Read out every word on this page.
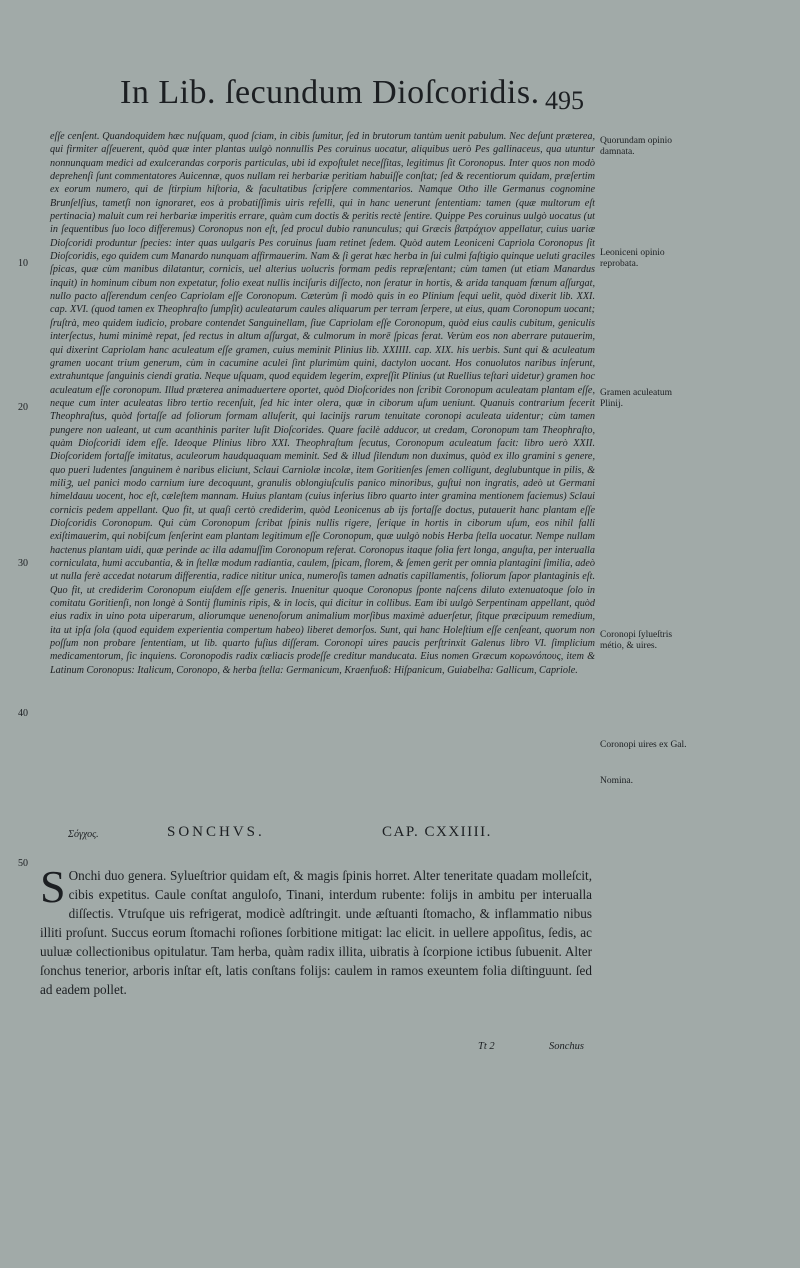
In Lib. ſecundum Dioſcoridis. 495

eſſe cenſent. Quandoquidem hæc nuſquam, quod ſciam, in cibis ſumitur, ſed in brutorum tantùm uenit pabulum. Nec deſunt præterea, qui firmiter aſſeuerent, quòd quæ inter plantas uulgò nonnullis Pes coruinus uocatur, aliquibus uerò Pes gallinaceus, qua utuntur nonnunquam medici ad exulcerandas corporis particulas, ubi id expoſtulet neceſſitas, legitimus ſit Coronopus. Inter quos non modò deprehenſi ſunt commentatores Auicennæ, quos nullam rei herbariæ peritiam habuiſſe conſtat; ſed & recentiorum quidam, præſertim ex eorum numero, qui de ſtirpium hiſtoria, & facultatibus ſcripſere commentarios. Namque Otho ille Germanus cognomine Brunſelſius, tametſi non ignoraret, eos à probatiſſimis uiris refelli, qui in hanc uenerunt ſententiam: tamen (quæ multorum eſt pertinacia) maluit cum rei herbariæ imperitis errare, quàm cum doctis & peritis rectè ſentire. Quippe Pes coruinus uulgò uocatus (ut in ſequentibus ſuo loco differemus) Coronopus non eſt, ſed procul dubio ranunculus; qui Græcis βατράχιον appellatur, cuius uariæ Dioſcoridi produntur ſpecies: inter quas uulgaris Pes coruinus ſuam retinet ſedem. Quòd autem Leoniceni Capriola Coronopus ſit Dioſcoridis, ego quidem cum Manardo nunquam affirmauerim. Nam & ſi gerat hæc herba in ſui culmi faſtigio quinque ueluti graciles ſpicas, quæ cùm manibus dilatantur, cornicis, uel alterius uolucris formam pedis repræſentant; cùm tamen (ut etiam Manardus inquit) in hominum cibum non expetatur, folio exeat nullis inciſuris diſſecto, non ſeratur in hortis, & arida tanquam fœnum aſſurgat, nullo pacto aſſerendum cenſeo Capriolam eſſe Coronopum. Cæterùm ſi modò quis in eo Plinium ſequi uelit, quòd dixerit lib. XXI. cap. XVI. (quod tamen ex Theophraſto ſumpſit) aculeatarum caules aliquarum per terram ſerpere, ut eius, quam Coronopum uocant; ſruſtrà, meo quidem iudicio, probare contendet Sanguinellam, ſiue Capriolam eſſe Coronopum, quòd eius caulis cubitum, geniculis interſectus, humi minimè repat, ſed rectus in altum aſſurgat, & culmorum in morē ſpicas ferat. Verùm eos non aberrare putauerim, qui dixerint Capriolam hanc aculeatum eſſe gramen, cuius meminit Plinius lib. XXIIII. cap. XIX. his uerbis. Sunt qui & aculeatum gramen uocant trium generum, cùm in cacumine aculei ſint plurimùm quini, dactylon uocant. Hos conuolutos naribus inſerunt, extrahuntque ſanguinis ciendi gratia. Neque uſquam, quod equidem legerim, expreſſit Plinius (ut Ruellius teſtari uidetur) gramen hoc aculeatum eſſe coronopum. Illud præterea animaduertere oportet, quòd Dioſcorides non ſcribit Coronopum aculeatam plantam eſſe, neque cum inter aculeatas libro tertio recenſuit, ſed hic inter olera, quæ in ciborum uſum ueniunt. Quanuis contrarium fecerit Theophraſtus, quòd fortaſſe ad foliorum formam alluſerit, qui lacinijs rarum tenuitate coronopi aculeata uidentur; cùm tamen pungere non ualeant, ut cum acanthinis pariter luſit Dioſcorides. Quare facilè adducor, ut credam, Coronopum tam Theophraſto, quàm Dioſcoridi idem eſſe. Ideoque Plinius libro XXI. Theophraſtum ſecutus, Coronopum aculeatum facit: libro uerò XXII. Dioſcoridem fortaſſe imitatus, aculeorum haudquaquam meminit. Sed & illud ſilendum non duximus, quòd ex illo gramini s genere, quo pueri ludentes ſanguinem è naribus eliciunt, Sclaui Carniolæ incolæ, item Goritienſes ſemen colligunt, deglubuntque in pilis, & miliꝫ, uel panici modo carnium iure decoquunt, granulis oblongiuſculis panico minoribus, guſtui non ingratis, adeò ut Germani himeldauu uocent, hoc eſt, cæleſtem mannam. Huius plantam (cuius inferius libro quarto inter gramina mentionem faciemus) Sclaui cornicis pedem appellant. Quo fit, ut quaſi certò crediderim, quòd Leonicenus ab ijs fortaſſe doctus, putauerit hanc plantam eſſe Dioſcoridis Coronopum. Qui cùm Coronopum ſcribat ſpinis nullis rigere, ſerique in hortis in ciborum uſum, eos nihil falli exiſtimauerim, qui nobiſcum ſenſerint eam plantam legitimum eſſe Coronopum, quæ uulgò nobis Herba ſtella uocatur. Nempe nullam hactenus plantam uidi, quæ perinde ac illa adamuſſim Coronopum referat. Coronopus itaque folia fert longa, anguſta, per interualla corniculata, humi accubantia, & in ſtellæ modum radiantia, caulem, ſpicam, florem, & ſemen gerit per omnia plantagini ſimilia, adeò ut nulla ferè accedat notarum differentia, radice nititur unica, numeroſis tamen adnatis capillamentis, foliorum ſapor plantaginis eſt. Quo fit, ut crediderim Coronopum eiuſdem eſſe generis. Inuenitur quoque Coronopus ſponte naſcens diluto extenuatoque ſolo in comitatu Goritienſi, non longè à Sontij fluminis ripis, & in locis, qui dicitur in collibus. Eam ibi uulgò Serpentinam appellant, quòd eius radix in uino pota uiperarum, aliorumque uenenoſorum animalium morſibus maximè aduerſetur, ſitque præcipuum remedium, ita ut ipſa ſola (quod equidem experientia compertum habeo) liberet demorſos. Sunt, qui hanc Holeſtium eſſe cenſeant, quorum non poſſum non probare ſententiam, ut lib. quarto fuſius diſſeram. Coronopi uires paucis perſtrinxit Galenus libro VI. ſimplicium medicamentorum, ſic inquiens. Coronopodis radix cœliacis prodeſſe creditur manducata. Eius nomen Græcum κορωνόπους, item & Latinum Coronopus: Italicum, Coronopo, & herba ſtella: Germanicum, Kraenfuoß: Hiſpanicum, Guiabelha: Gallicum, Capriole.

10
20
30
40
50
Quorundam opinio damnata.
Leoniceni opinio reprobata.
Gramen aculeatum Plinij.
Coronopi ſylueſtris métio, & uires.
Coronopi uires ex Gal.
Nomina.
Σόγχος.	SONCHVS.	CAP. CXXIIII.

S Onchi duo genera. Sylueſtrior quidam eſt, & magis ſpinis horret. Alter teneritate quadam molleſcit, cibis expetitus. Caule conſtat anguloſo, Tinani, interdum rubente: folijs in ambitu per interualla diſſectis. Vtruſque uis refrigerat, modicè adſtringit. unde æſtuanti ſtomacho, & inflammatio nibus illiti proſunt. Succus eorum ſtomachi roſiones ſorbitione mitigat: lac elicit. in uellere appoſitus, ſedis, ac uuluæ collectionibus opitulatur. Tam herba, quàm radix illita, uibratis à ſcorpione ictibus ſubuenit. Alter ſonchus tenerior, arboris inſtar eſt, latis conſtans folijs: caulem in ramos exeuntem folia diſtinguunt. ſed ad eadem pollet.

Tt 2	Sonchus
